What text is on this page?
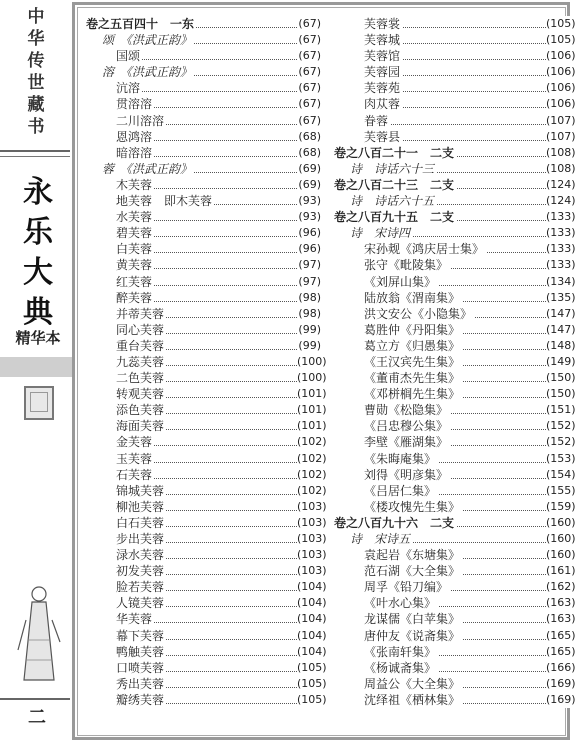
中华传世藏书
永乐大典
精华本
二
卷之五百四十　一东	(67)
颂　《洪武正韵》	(67)
国颂	(67)
溶　《洪武正韵》	(67)
沆溶	(67)
贯溶溶	(67)
二川溶溶	(67)
恩鸿溶	(68)
暗溶溶	(68)
蓉　《洪武正韵》	(69)
木芙蓉	(69)
地芙蓉　即木芙蓉	(93)
水芙蓉	(93)
碧芙蓉	(96)
白芙蓉	(96)
黄芙蓉	(97)
红芙蓉	(97)
醉芙蓉	(98)
并蒂芙蓉	(98)
同心芙蓉	(99)
重台芙蓉	(99)
九蕊芙蓉	(100)
二色芙蓉	(100)
转观芙蓉	(101)
添色芙蓉	(101)
海面芙蓉	(101)
金芙蓉	(102)
玉芙蓉	(102)
石芙蓉	(102)
锦城芙蓉	(102)
柳池芙蓉	(103)
白石芙蓉	(103)
步出芙蓉	(103)
渌水芙蓉	(103)
初发芙蓉	(103)
脸若芙蓉	(104)
人镜芙蓉	(104)
华芙蓉	(104)
幕下芙蓉	(104)
鸭触芙蓉	(104)
口喷芙蓉	(105)
秀出芙蓉	(105)
瓣绣芙蓉	(105)
芙蓉裳	(105)
芙蓉城	(105)
芙蓉馆	(106)
芙蓉园	(106)
芙蓉苑	(106)
肉苁蓉	(106)
眷蓉	(107)
芙蓉县	(107)
卷之八百二十一　二支	(108)
诗　诗话六十三	(108)
卷之八百二十三　二支	(124)
诗　诗话六十五	(124)
卷之八百九十五　二支	(133)
诗　宋诗四	(133)
宋孙觌《鸿庆居士集》	(133)
张守《毗陵集》	(133)
《刘屏山集》	(134)
陆放翁《渭南集》	(135)
洪文安公《小隐集》	(147)
葛胜仲《丹阳集》	(147)
葛立方《归愚集》	(148)
《王汉宾先生集》	(149)
《董甫杰先生集》	(150)
《邓栟榈先生集》	(150)
曹勋《松隐集》	(151)
《吕忠穆公集》	(152)
李壁《雁湖集》	(152)
《朱晦庵集》	(153)
刘得《明彦集》	(154)
《吕居仁集》	(155)
《楼攻愧先生集》	(159)
卷之八百九十六　二支	(160)
诗　宋诗五	(160)
袁起岩《东塘集》	(160)
范石湖《大全集》	(161)
周孚《铅刀编》	(162)
《叶水心集》	(163)
龙谋儒《白苹集》	(163)
唐仲友《说斋集》	(165)
《张南轩集》	(165)
《杨诚斋集》	(166)
周益公《大全集》	(169)
沈绎祖《栖林集》	(169)
